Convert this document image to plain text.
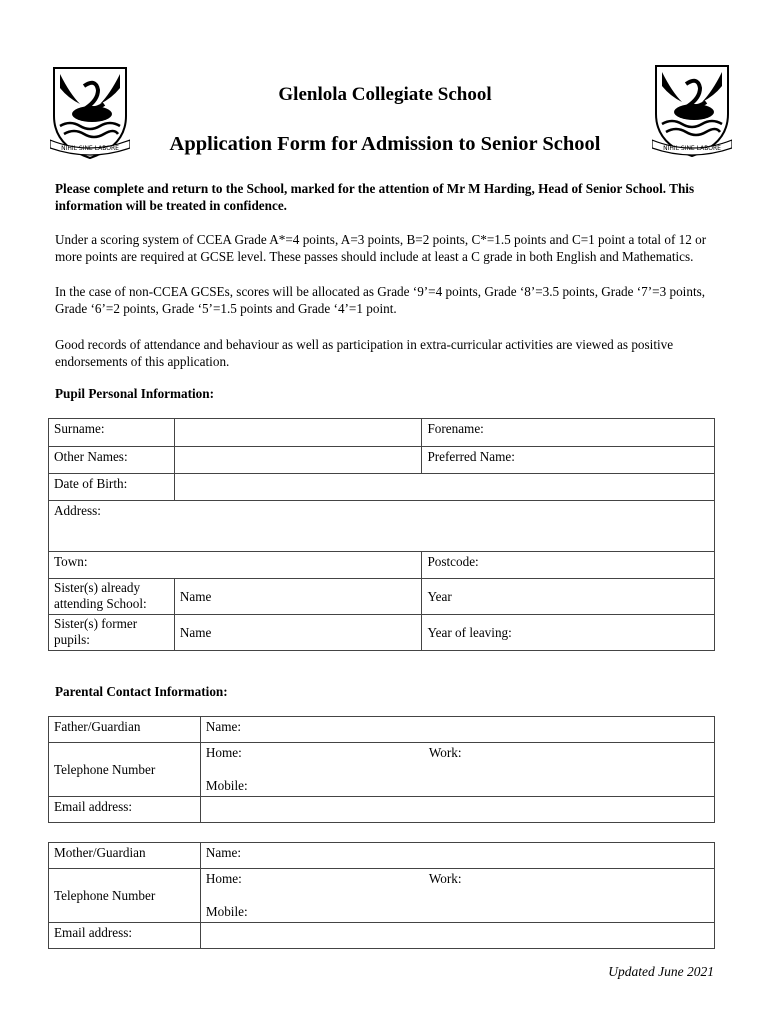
NIHIL SINE LABORE	NIHIL SINE LABORE
Glenlola Collegiate School
Application Form for Admission to Senior School
Please complete and return to the School, marked for the attention of Mr M Harding, Head of Senior School. This information will be treated in confidence.
Under a scoring system of CCEA Grade A*=4 points, A=3 points, B=2 points, C*=1.5 points and C=1 point a total of 12 or more points are required at GCSE level. These passes should include at least a C grade in both English and Mathematics.
In the case of non-CCEA GCSEs, scores will be allocated as Grade ‘9’=4 points, Grade ‘8’=3.5 points, Grade ‘7’=3 points, Grade ‘6’=2 points, Grade ‘5’=1.5 points and Grade ‘4’=1 point.
Good records of attendance and behaviour as well as participation in extra-curricular activities are viewed as positive endorsements of this application.
Pupil Personal Information:
Surname:		Forename:
Other Names:		Preferred Name:
Date of Birth:		
Address:		
Town:		Postcode:
Sister(s) already attending School:	Name	Year
Sister(s) former pupils:	Name	Year of leaving:
Parental Contact Information:
Father/Guardian	Name:
Telephone Number	Home: Work:
Mobile:

Email address:	
Mother/Guardian	Name:
Telephone Number	Home: Work:
Mobile:

Email address:	
Updated June 2021
